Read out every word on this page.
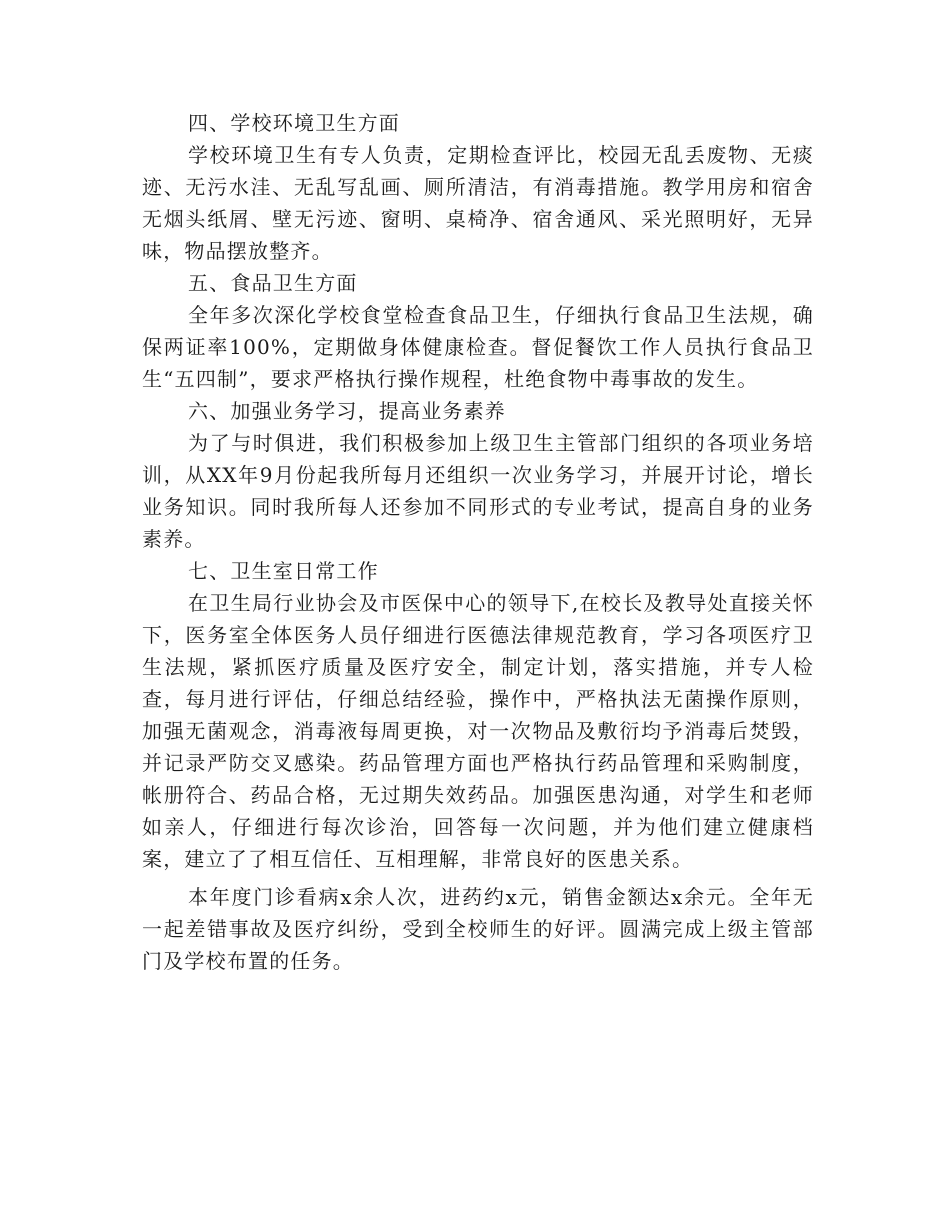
四、学校环境卫生方面

学校环境卫生有专人负责，定期检查评比，校园无乱丢废物、无痰迹、无污水洼、无乱写乱画、厕所清洁，有消毒措施。教学用房和宿舍无烟头纸屑、壁无污迹、窗明、桌椅净、宿舍通风、采光照明好，无异味，物品摆放整齐。

五、食品卫生方面

全年多次深化学校食堂检查食品卫生，仔细执行食品卫生法规，确保两证率100%，定期做身体健康检查。督促餐饮工作人员执行食品卫生“五四制”，要求严格执行操作规程，杜绝食物中毒事故的发生。

六、加强业务学习，提高业务素养

为了与时俱进，我们积极参加上级卫生主管部门组织的各项业务培训，从XX年9月份起我所每月还组织一次业务学习，并展开讨论，增长业务知识。同时我所每人还参加不同形式的专业考试，提高自身的业务素养。

七、卫生室日常工作

在卫生局行业协会及市医保中心的领导下,在校长及教导处直接关怀下，医务室全体医务人员仔细进行医德法律规范教育，学习各项医疗卫生法规，紧抓医疗质量及医疗安全，制定计划，落实措施，并专人检查，每月进行评估，仔细总结经验，操作中，严格执法无菌操作原则，加强无菌观念，消毒液每周更换，对一次物品及敷衍均予消毒后焚毁，并记录严防交叉感染。药品管理方面也严格执行药品管理和采购制度，帐册符合、药品合格，无过期失效药品。加强医患沟通，对学生和老师如亲人，仔细进行每次诊治，回答每一次问题，并为他们建立健康档案，建立了了相互信任、互相理解，非常良好的医患关系。

本年度门诊看病x余人次，进药约x元，销售金额达x余元。全年无一起差错事故及医疗纠纷，受到全校师生的好评。圆满完成上级主管部门及学校布置的任务。
